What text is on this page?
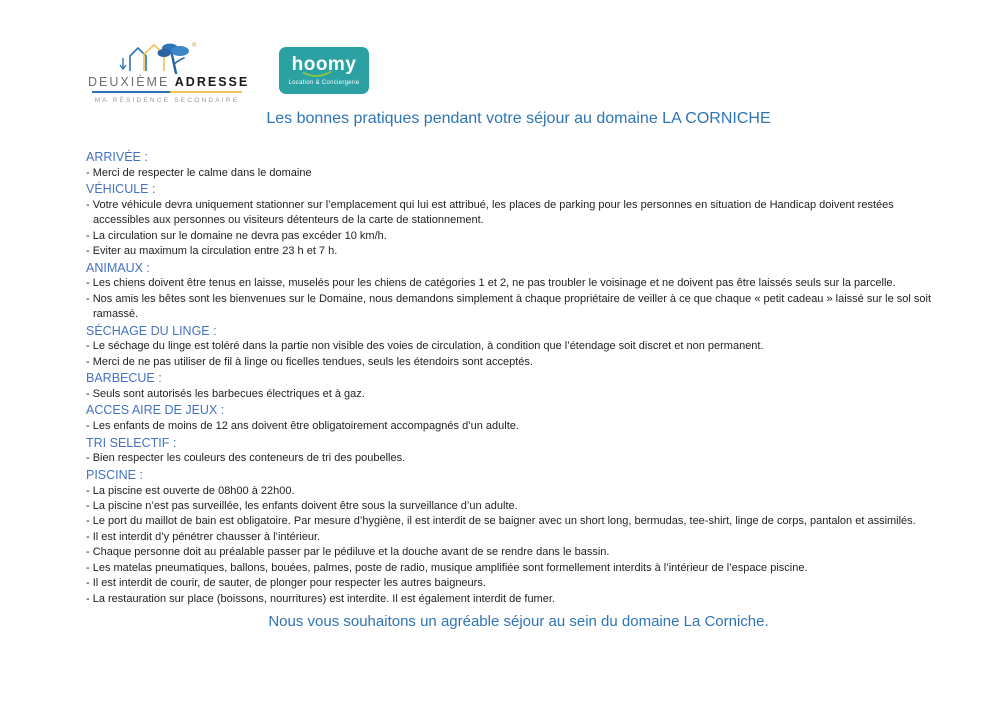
®
DEUXIÈME ADRESSE
MA RÉSIDENCE SECONDAIRE
hoomy
Location & Conciergerie
Les bonnes pratiques pendant votre séjour au domaine LA CORNICHE
ARRIVÉE :
- Merci de respecter le calme dans le domaine
VÉHICULE :
- Votre véhicule devra uniquement stationner sur l’emplacement qui lui est attribué, les places de parking pour les personnes en situation de Handicap doivent restées accessibles aux personnes ou visiteurs détenteurs de la carte de stationnement.
- La circulation sur le domaine ne devra pas excéder 10 km/h.
- Eviter au maximum la circulation entre 23 h et 7 h.
ANIMAUX :
- Les chiens doivent être tenus en laisse, muselés pour les chiens de catégories 1 et 2, ne pas troubler le voisinage et ne doivent pas être laissés seuls sur la parcelle.
- Nos amis les bêtes sont les bienvenues sur le Domaine, nous demandons simplement à chaque propriétaire de veiller à ce que chaque « petit cadeau » laissé sur le sol soit ramassé.
SÉCHAGE DU LINGE :
- Le séchage du linge est toléré dans la partie non visible des voies de circulation, à condition que l’étendage soit discret et non permanent.
- Merci de ne pas utiliser de fil à linge ou ficelles tendues, seuls les étendoirs sont acceptés.
BARBECUE :
- Seuls sont autorisés les barbecues électriques et à gaz.
ACCES AIRE DE JEUX :
- Les enfants de moins de 12 ans doivent être obligatoirement accompagnés d’un adulte.
TRI SELECTIF :
- Bien respecter les couleurs des conteneurs de tri des poubelles.
PISCINE :
- La piscine est ouverte de 08h00 à 22h00.
- La piscine n’est pas surveillée, les enfants doivent être sous la surveillance d’un adulte.
- Le port du maillot de bain est obligatoire. Par mesure d’hygiène, il est interdit de se baigner avec un short long, bermudas, tee-shirt, linge de corps, pantalon et assimilés.
- Il est interdit d’y pénétrer chausser à l’intérieur.
- Chaque personne doit au préalable passer par le pédiluve et la douche avant de se rendre dans le bassin.
- Les matelas pneumatiques, ballons, bouées, palmes, poste de radio, musique amplifiée sont formellement interdits à l’intérieur de l’espace piscine.
- Il est interdit de courir, de sauter, de plonger pour respecter les autres baigneurs.
- La restauration sur place (boissons, nourritures) est interdite. Il est également interdit de fumer.
Nous vous souhaitons un agréable séjour au sein du domaine La Corniche.
